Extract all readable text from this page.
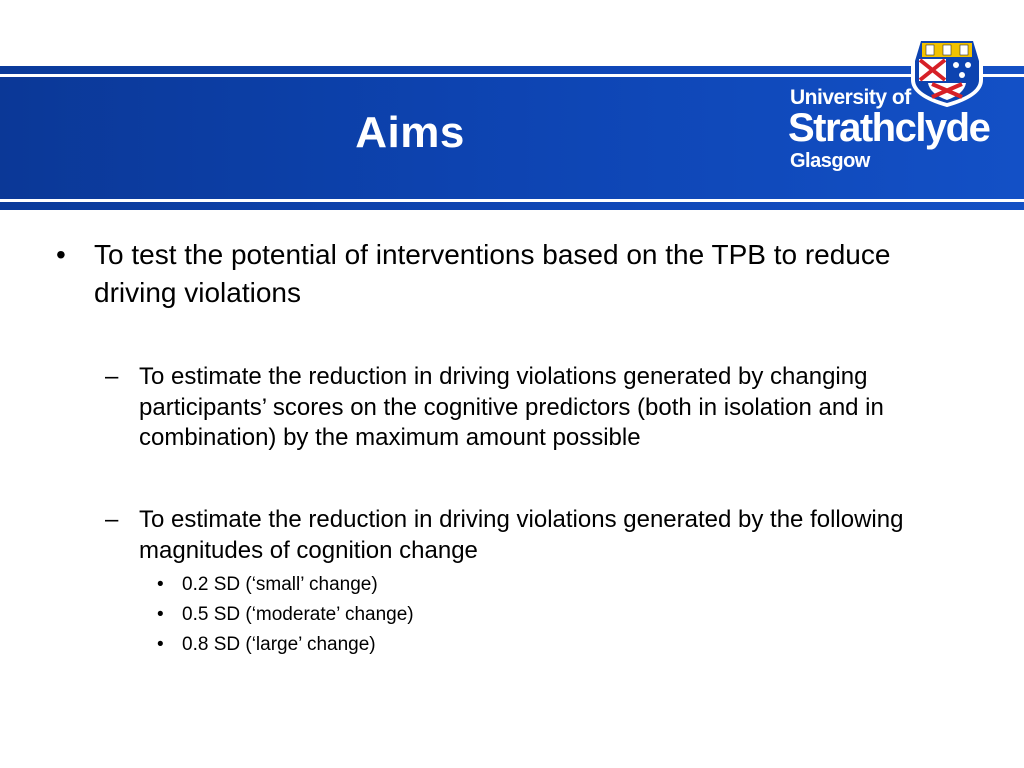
Aims
University of
Strathclyde
Glasgow
• To test the potential of interventions based on the TPB to reduce driving violations
– To estimate the reduction in driving violations generated by changing participants’ scores on the cognitive predictors (both in isolation and in combination) by the maximum amount possible
– To estimate the reduction in driving violations generated by the following magnitudes of cognition change
• 0.2 SD (‘small’ change)
• 0.5 SD (‘moderate’ change)
• 0.8 SD (‘large’ change)
